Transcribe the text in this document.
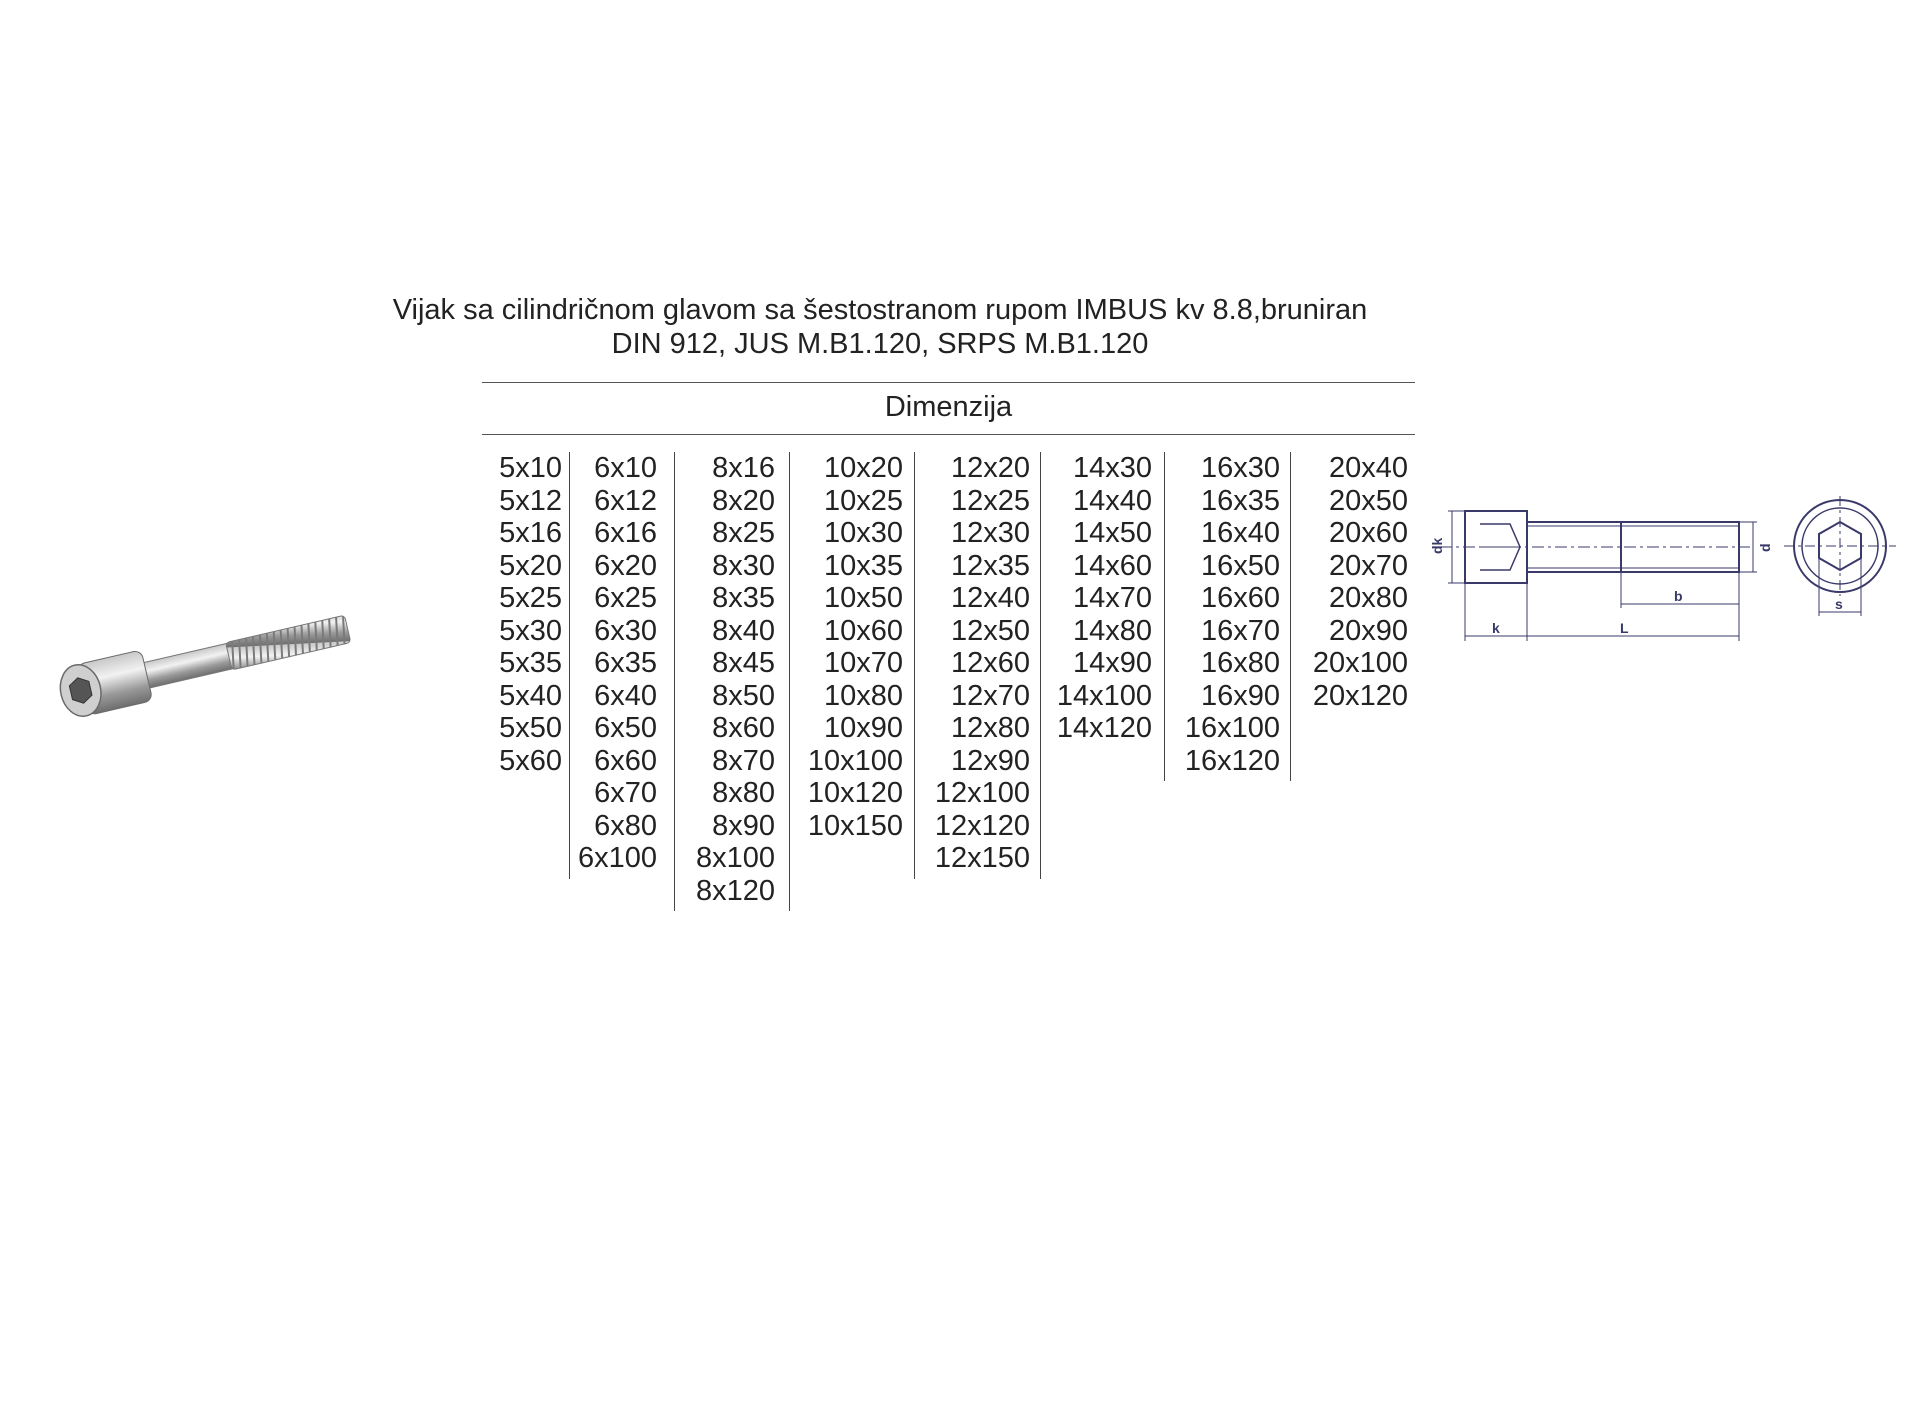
Vijak sa cilindričnom glavom sa šestostranom rupom IMBUS kv 8.8,bruniran
DIN 912, JUS M.B1.120, SRPS M.B1.120
Dimenzija
5x10
5x12
5x16
5x20
5x25
5x30
5x35
5x40
5x50
5x60
6x10
6x12
6x16
6x20
6x25
6x30
6x35
6x40
6x50
6x60
6x70
6x80
6x100
8x16
8x20
8x25
8x30
8x35
8x40
8x45
8x50
8x60
8x70
8x80
8x90
8x100
8x120
10x20
10x25
10x30
10x35
10x50
10x60
10x70
10x80
10x90
10x100
10x120
10x150
12x20
12x25
12x30
12x35
12x40
12x50
12x60
12x70
12x80
12x90
12x100
12x120
12x150
14x30
14x40
14x50
14x60
14x70
14x80
14x90
14x100
14x120
16x30
16x35
16x40
16x50
16x60
16x70
16x80
16x90
16x100
16x120
20x40
20x50
20x60
20x70
20x80
20x90
20x100
20x120
dk	d
k	L
b	s
